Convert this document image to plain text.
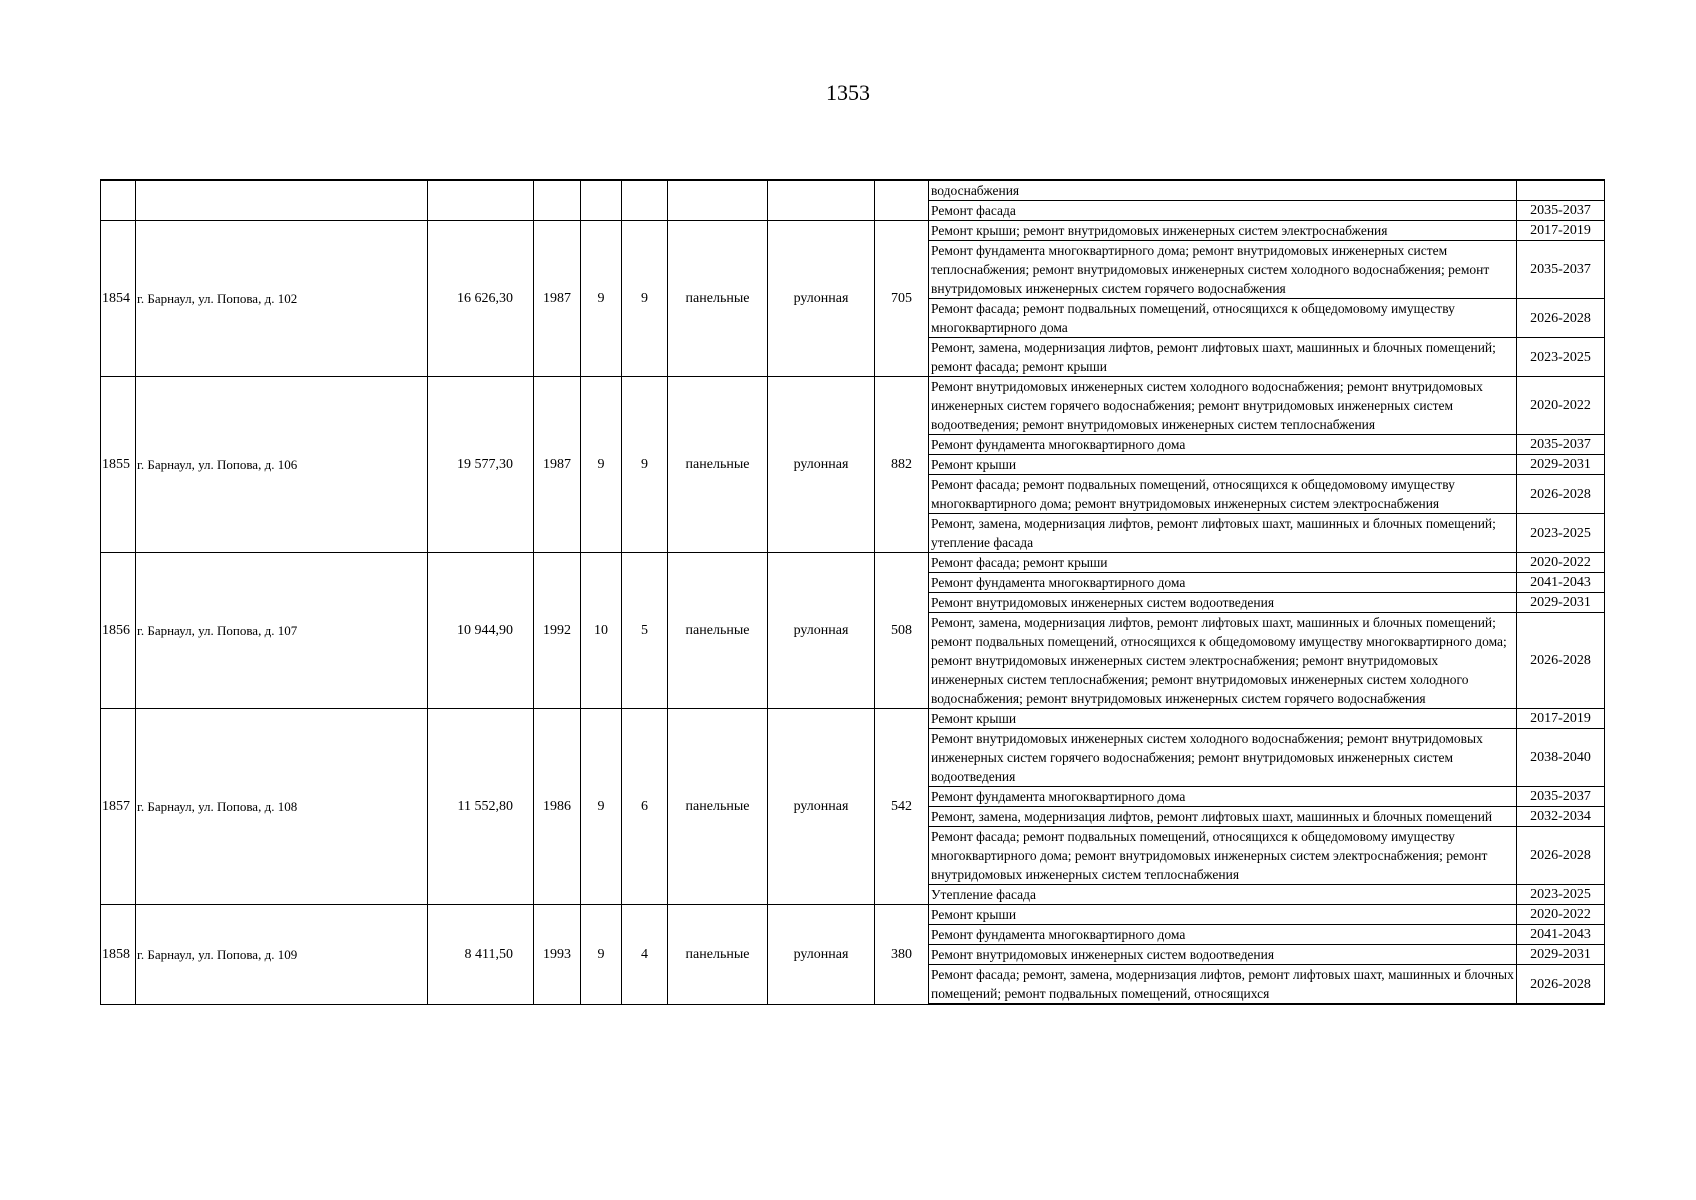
1353
									водоснабжения	
									Ремонт фасада	2035-2037
1854	г. Барнаул, ул. Попова, д. 102	16 626,30	1987	9	9	панельные	рулонная	705	Ремонт крыши; ремонт внутридомовых инженерных систем электроснабжения	2017-2019
									Ремонт фундамента многоквартирного дома; ремонт внутридомовых инженерных систем теплоснабжения; ремонт внутридомовых инженерных систем холодного водоснабжения; ремонт внутридомовых инженерных систем горячего водоснабжения	2035-2037
									Ремонт фасада; ремонт подвальных помещений, относящихся к общедомовому имуществу многоквартирного дома	2026-2028
									Ремонт, замена, модернизация лифтов, ремонт лифтовых шахт, машинных и блочных помещений; ремонт фасада; ремонт крыши	2023-2025
1855	г. Барнаул, ул. Попова, д. 106	19 577,30	1987	9	9	панельные	рулонная	882	Ремонт внутридомовых инженерных систем холодного водоснабжения; ремонт внутридомовых инженерных систем горячего водоснабжения; ремонт внутридомовых инженерных систем водоотведения; ремонт внутридомовых инженерных систем теплоснабжения	2020-2022
									Ремонт фундамента многоквартирного дома	2035-2037
									Ремонт крыши	2029-2031
									Ремонт фасада; ремонт подвальных помещений, относящихся к общедомовому имуществу многоквартирного дома; ремонт внутридомовых инженерных систем электроснабжения	2026-2028
									Ремонт, замена, модернизация лифтов, ремонт лифтовых шахт, машинных и блочных помещений; утепление фасада	2023-2025
1856	г. Барнаул, ул. Попова, д. 107	10 944,90	1992	10	5	панельные	рулонная	508	Ремонт фасада; ремонт крыши	2020-2022
									Ремонт фундамента многоквартирного дома	2041-2043
									Ремонт внутридомовых инженерных систем водоотведения	2029-2031
									Ремонт, замена, модернизация лифтов, ремонт лифтовых шахт, машинных и блочных помещений; ремонт подвальных помещений, относящихся к общедомовому имуществу многоквартирного дома; ремонт внутридомовых инженерных систем электроснабжения; ремонт внутридомовых инженерных систем теплоснабжения; ремонт внутридомовых инженерных систем холодного водоснабжения; ремонт внутридомовых инженерных систем горячего водоснабжения	2026-2028
1857	г. Барнаул, ул. Попова, д. 108	11 552,80	1986	9	6	панельные	рулонная	542	Ремонт крыши	2017-2019
									Ремонт внутридомовых инженерных систем холодного водоснабжения; ремонт внутридомовых инженерных систем горячего водоснабжения; ремонт внутридомовых инженерных систем водоотведения	2038-2040
									Ремонт фундамента многоквартирного дома	2035-2037
									Ремонт, замена, модернизация лифтов, ремонт лифтовых шахт, машинных и блочных помещений	2032-2034
									Ремонт фасада; ремонт подвальных помещений, относящихся к общедомовому имуществу многоквартирного дома; ремонт внутридомовых инженерных систем электроснабжения; ремонт внутридомовых инженерных систем теплоснабжения	2026-2028
									Утепление фасада	2023-2025
1858	г. Барнаул, ул. Попова, д. 109	8 411,50	1993	9	4	панельные	рулонная	380	Ремонт крыши	2020-2022
									Ремонт фундамента многоквартирного дома	2041-2043
									Ремонт внутридомовых инженерных систем водоотведения	2029-2031
									Ремонт фасада; ремонт, замена, модернизация лифтов, ремонт лифтовых шахт, машинных и блочных помещений; ремонт подвальных помещений, относящихся	2026-2028
